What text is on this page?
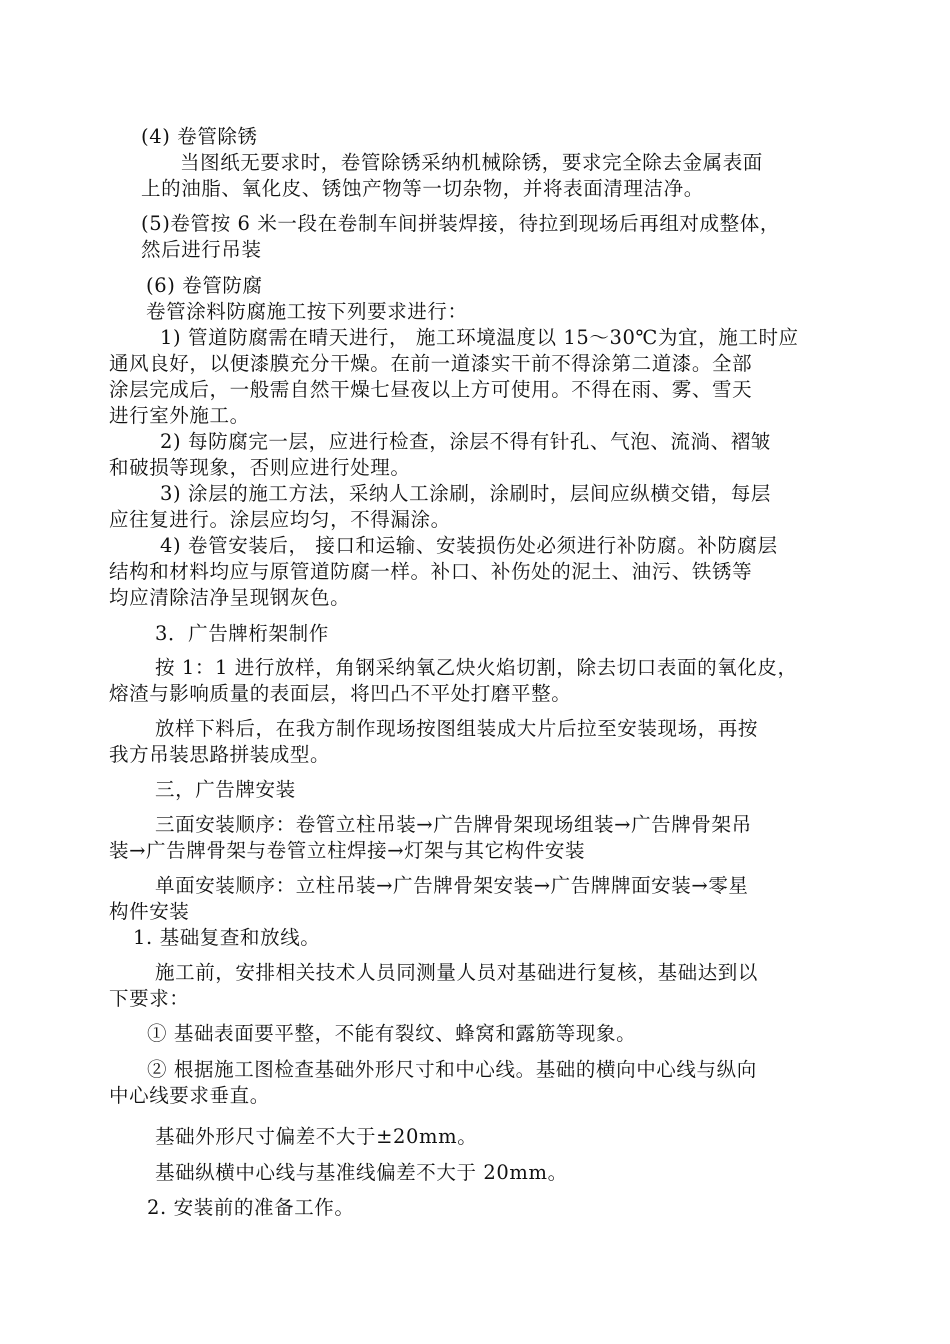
(4) 卷管除锈

当图纸无要求时，卷管除锈采纳机械除锈，要求完全除去金属表面

上的油脂、氧化皮、锈蚀产物等一切杂物，并将表面清理洁净。

(5)卷管按 6 米一段在卷制车间拼装焊接，待拉到现场后再组对成整体，

然后进行吊装

(6) 卷管防腐

卷管涂料防腐施工按下列要求进行：

1) 管道防腐需在晴天进行， 施工环境温度以 15～30℃为宜，施工时应

通风良好，以便漆膜充分干燥。在前一道漆实干前不得涂第二道漆。全部

涂层完成后，一般需自然干燥七昼夜以上方可使用。不得在雨、雾、雪天

进行室外施工。

2) 每防腐完一层，应进行检查，涂层不得有针孔、气泡、流淌、褶皱

和破损等现象，否则应进行处理。

3) 涂层的施工方法，采纳人工涂刷，涂刷时，层间应纵横交错，每层

应往复进行。涂层应均匀，不得漏涂。

4) 卷管安装后， 接口和运输、安装损伤处必须进行补防腐。补防腐层

结构和材料均应与原管道防腐一样。补口、补伤处的泥土、油污、铁锈等

均应清除洁净呈现钢灰色。

3．广告牌桁架制作

按 1：1 进行放样，角钢采纳氧乙炔火焰切割，除去切口表面的氧化皮，

熔渣与影响质量的表面层，将凹凸不平处打磨平整。

放样下料后，在我方制作现场按图组装成大片后拉至安装现场，再按

我方吊装思路拼装成型。

三，广告牌安装

三面安装顺序：卷管立柱吊装→广告牌骨架现场组装→广告牌骨架吊

装→广告牌骨架与卷管立柱焊接→灯架与其它构件安装

单面安装顺序：立柱吊装→广告牌骨架安装→广告牌牌面安装→零星

构件安装

1. 基础复查和放线。

施工前，安排相关技术人员同测量人员对基础进行复核，基础达到以

下要求：

① 基础表面要平整，不能有裂纹、蜂窝和露筋等现象。

② 根据施工图检查基础外形尺寸和中心线。基础的横向中心线与纵向

中心线要求垂直。

基础外形尺寸偏差不大于±20mm。

基础纵横中心线与基准线偏差不大于 20mm。

2. 安装前的准备工作。
